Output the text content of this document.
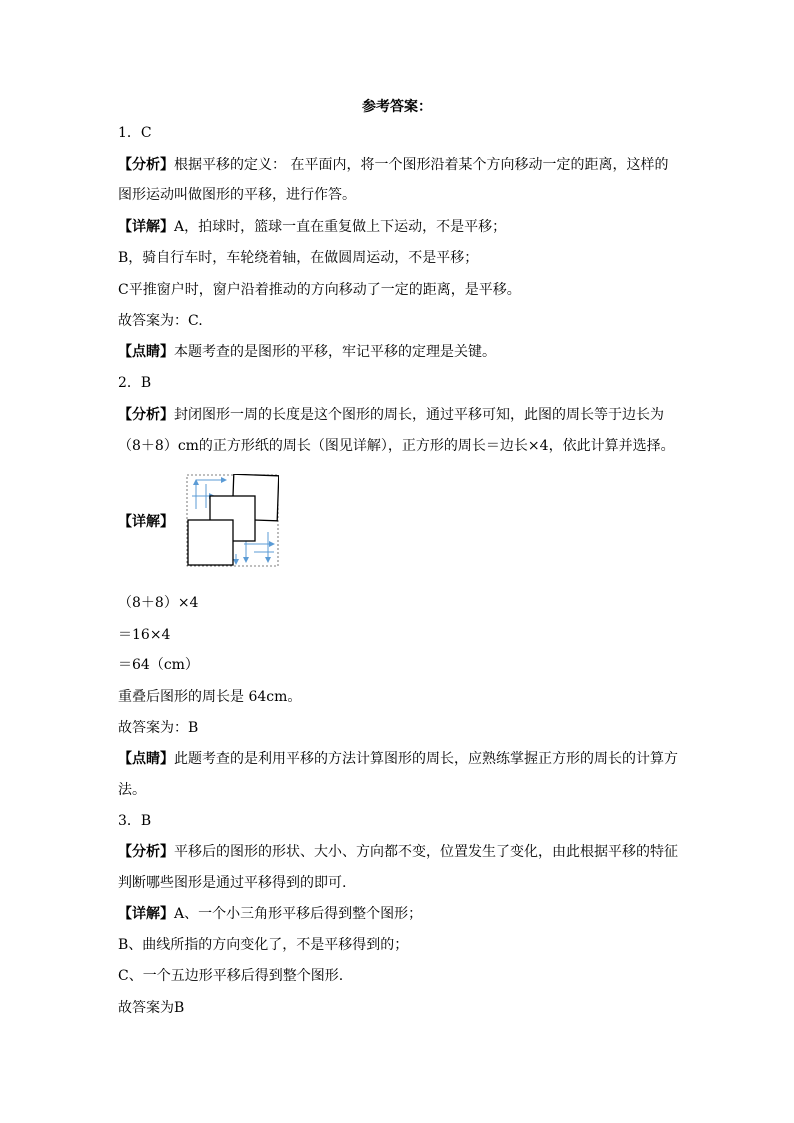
参考答案：
1．C
【分析】根据平移的定义： 在平面内，将一个图形沿着某个方向移动一定的距离，这样的
图形运动叫做图形的平移，进行作答。
【详解】A，拍球时，篮球一直在重复做上下运动，不是平移；
B，骑自行车时，车轮绕着轴，在做圆周运动，不是平移；
C平推窗户时，窗户沿着推动的方向移动了一定的距离，是平移。
故答案为：C.
【点睛】本题考查的是图形的平移，牢记平移的定理是关键。
2．B
【分析】封闭图形一周的长度是这个图形的周长，通过平移可知，此图的周长等于边长为
（8＋8）cm的正方形纸的周长（图见详解），正方形的周长＝边长×4，依此计算并选择。
【详解】
（8＋8）×4
＝16×4
＝64（cm）
重叠后图形的周长是 64cm。
故答案为：B
【点睛】此题考查的是利用平移的方法计算图形的周长，应熟练掌握正方形的周长的计算方
法。
3．B
【分析】平移后的图形的形状、大小、方向都不变，位置发生了变化，由此根据平移的特征
判断哪些图形是通过平移得到的即可.
【详解】A、一个小三角形平移后得到整个图形；
B、曲线所指的方向变化了，不是平移得到的；
C、一个五边形平移后得到整个图形.
故答案为B
